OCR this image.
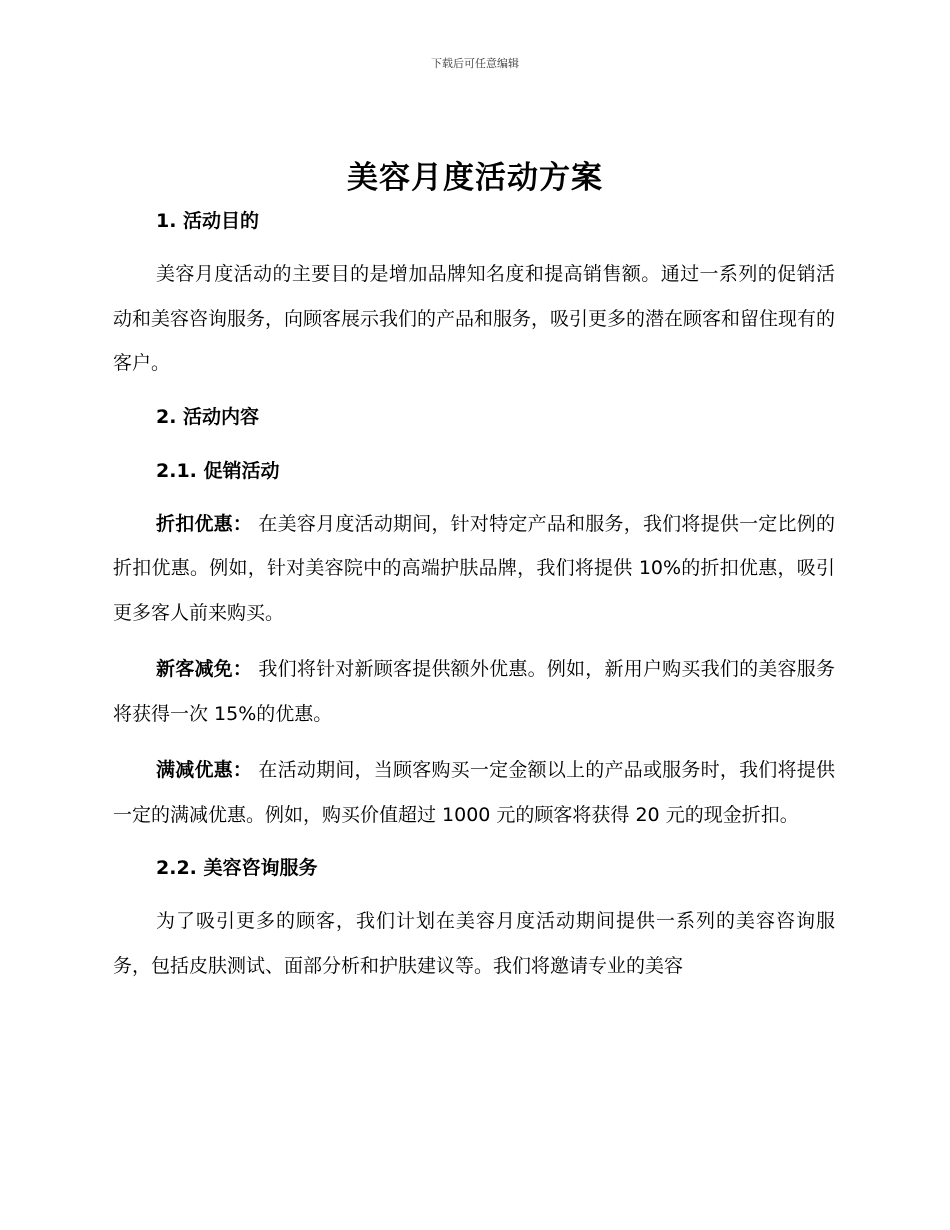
下载后可任意编辑
美容月度活动方案

1. 活动目的

美容月度活动的主要目的是增加品牌知名度和提高销售额。通过一系列的促销活动和美容咨询服务，向顾客展示我们的产品和服务，吸引更多的潜在顾客和留住现有的客户。

2. 活动内容

2.1. 促销活动

折扣优惠： 在美容月度活动期间，针对特定产品和服务，我们将提供一定比例的折扣优惠。例如，针对美容院中的高端护肤品牌，我们将提供 10%的折扣优惠，吸引更多客人前来购买。

新客减免： 我们将针对新顾客提供额外优惠。例如，新用户购买我们的美容服务将获得一次 15%的优惠。

满减优惠： 在活动期间，当顾客购买一定金额以上的产品或服务时，我们将提供一定的满减优惠。例如，购买价值超过 1000 元的顾客将获得 20 元的现金折扣。

2.2. 美容咨询服务

为了吸引更多的顾客，我们计划在美容月度活动期间提供一系列的美容咨询服务，包括皮肤测试、面部分析和护肤建议等。我们将邀请专业的美容
